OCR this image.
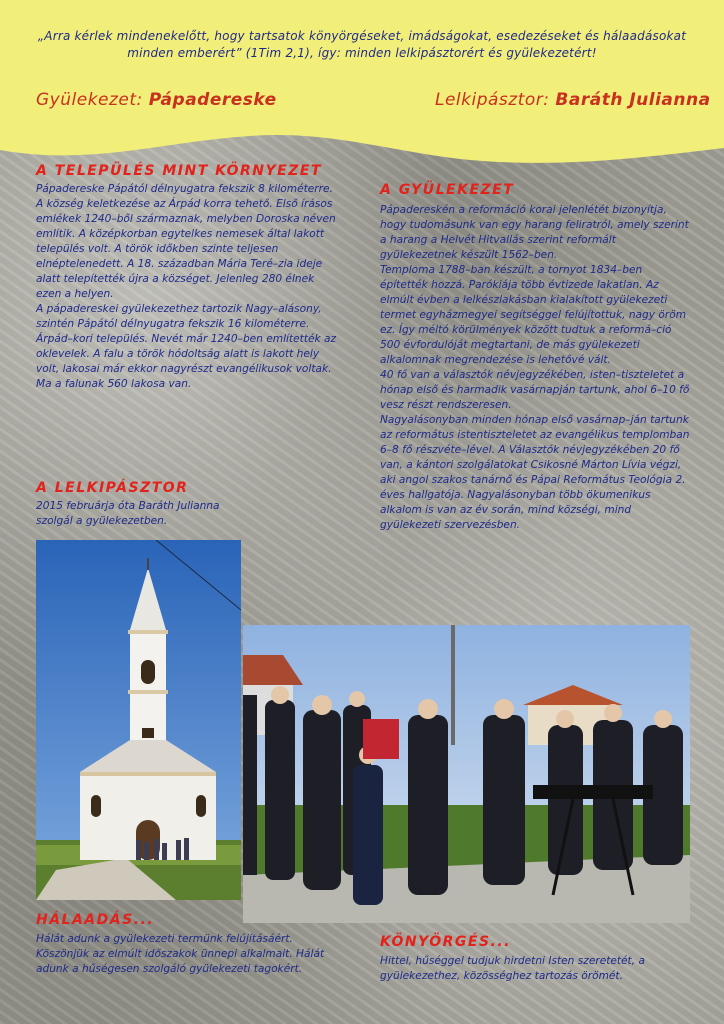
„Arra kérlek mindenekelőtt, hogy tartsatok könyörgéseket, imádságokat, esedezéseket és hálaadásokat minden emberért” (1Tim 2,1), így: minden lelkipásztorért és gyülekezetért!
Gyülekezet: Pápadereske	Lelkipásztor: Baráth Julianna
A TELEPÜLÉS MINT KÖRNYEZET

Pápadereske Pápától délnyugatra fekszik 8 kilométerre. A község keletkezése az Árpád korra tehető. Első írásos emlékek 1240–ből származnak, melyben Doroska néven említik. A középkorban egytelkes nemesek által lakott település volt. A török időkben szinte teljesen elnéptelenedett. A 18. században Mária Teré–zia ideje alatt telepítették újra a községet. Jelenleg 280 élnek ezen a helyen.

A pápadereskei gyülekezethez tartozik Nagy–alásony, szintén Pápától délnyugatra fekszik 16 kilométerre. Árpád–kori település. Nevét már 1240–ben említették az oklevelek. A falu a török hódoltság alatt is lakott hely volt, lakosai már ekkor nagyrészt evangélikusok voltak. Ma a falunak 560 lakosa van.

A LELKIPÁSZTOR
2015 februárja óta Baráth Julianna szolgál a gyülekezetben.
A GYÜLEKEZET

Pápadereskén a reformáció korai jelenlétét bizonyítja, hogy tudomásunk van egy harang feliratról, amely szerint a harang a Helvét Hitvallás szerint reformált gyülekezetnek készült 1562–ben.

Temploma 1788–ban készült, a tornyot 1834–ben építették hozzá. Parókiája több évtizede lakatlan. Az elmúlt évben a lelkészlakásban kialakított gyülekezeti termet egyházmegyei segítséggel felújítottuk, nagy öröm ez. Így méltó körülmények között tudtuk a reformá–ció 500 évfordulóját megtartani, de más gyülekezeti alkalomnak megrendezése is lehetővé vált.

40 fő van a választók névjegyzékében, isten–tiszteletet a hónap első és harmadik vasárnapján tartunk, ahol 6–10 fő vesz részt rendszeresen.

Nagyalásonyban minden hónap első vasárnap–ján tartunk az református istentiszteletet az evangélikus templomban 6–8 fő részvéte–lével. A Választók névjegyzékében 20 fő van, a kántori szolgálatokat Csikosné Márton Lívia végzi, aki angol szakos tanárnő és Pápai Református Teológia 2. éves hallgatója. Nagyalásonyban több ökumenikus alkalom is van az év során, mind községi, mind gyülekezeti szervezésben.

HÁLAADÁS...
Hálát adunk a gyülekezeti termünk felújításáért. Köszönjük az elmúlt időszakok ünnepi alkalmait. Hálát adunk a hűségesen szolgáló gyülekezeti tagokért.
KÖNYÖRGÉS...
Hittel, hűséggel tudjuk hirdetni Isten szeretetét, a gyülekezethez, közösséghez tartozás örömét.
